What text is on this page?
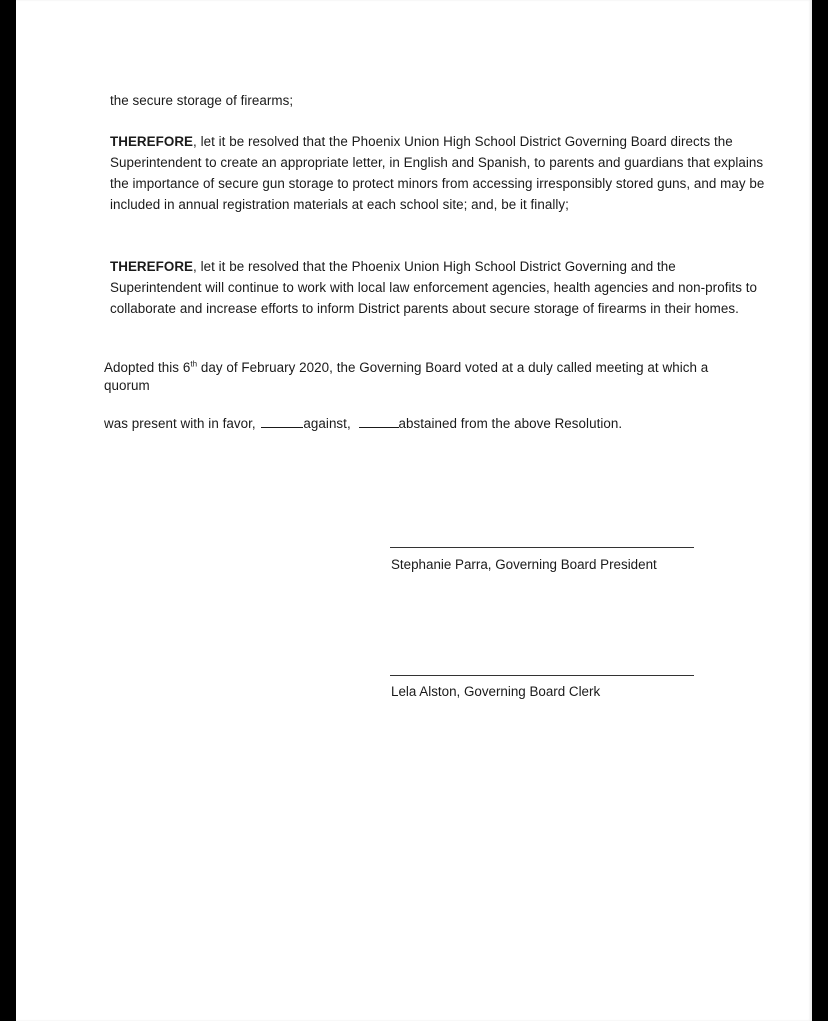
the secure storage of firearms;
THEREFORE, let it be resolved that the Phoenix Union High School District Governing Board directs the Superintendent to create an appropriate letter, in English and Spanish, to parents and guardians that explains the importance of secure gun storage to protect minors from accessing irresponsibly stored guns, and may be included in annual registration materials at each school site; and, be it finally;
THEREFORE, let it be resolved that the Phoenix Union High School District Governing and the Superintendent will continue to work with local law enforcement agencies, health agencies and non-profits to collaborate and increase efforts to inform District parents about secure storage of firearms in their homes.
Adopted this 6th day of February 2020, the Governing Board voted at a duly called meeting at which a quorum
was present with in favor,	against,	abstained from the above Resolution.
Stephanie Parra, Governing Board President
Lela Alston, Governing Board Clerk
